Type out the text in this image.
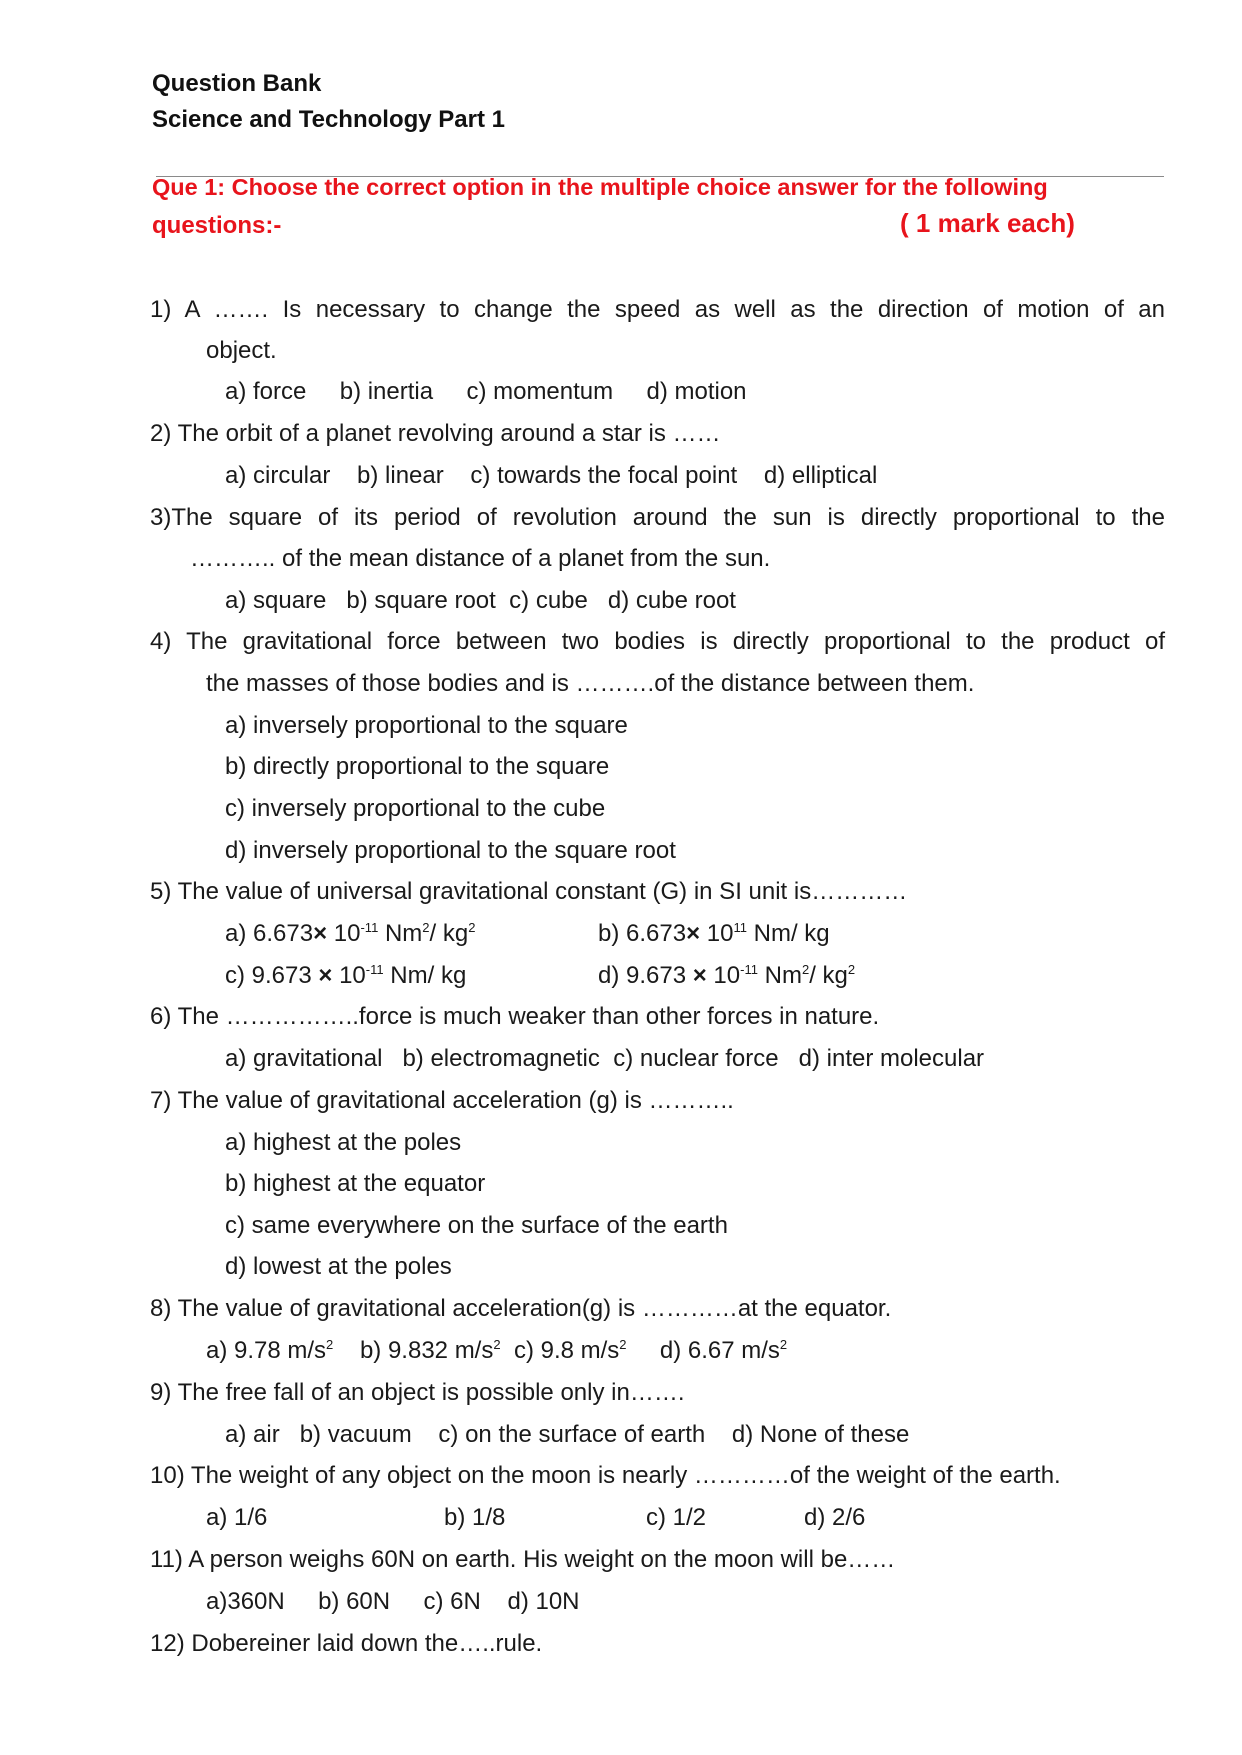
Question Bank
Science and Technology Part 1
Que 1: Choose the correct option in the multiple choice answer for the following
questions:-	( 1 mark each)
1) A ……. Is necessary to change the speed as well as the direction of motion of an
object.
a) force b) inertia c) momentum d) motion
2) The orbit of a planet revolving around a star is ……
a) circular b) linear c) towards the focal point d) elliptical
3)The square of its period of revolution around the sun is directly proportional to the
……….. of the mean distance of a planet from the sun.
a) square b) square root c) cube d) cube root
4) The gravitational force between two bodies is directly proportional to the product of
the masses of those bodies and is ……….of the distance between them.
a) inversely proportional to the square
b) directly proportional to the square
c) inversely proportional to the cube
d) inversely proportional to the square root
5) The value of universal gravitational constant (G) in SI unit is…………
a) $6.673\times 10^{-11}$ Nm$^2$/ $kg^2$	b) $6.673\times 10^{11}$ Nm/ kg
c) $9.673 \times 10^{-11}$ Nm/ kg	d) $9.673 \times 10^{-11}$ Nm$^2$/ $kg^2$
6) The ……………..force is much weaker than other forces in nature.
a) gravitational b) electromagnetic c) nuclear force d) inter molecular
7) The value of gravitational acceleration (g) is ………..
a) highest at the poles
b) highest at the equator
c) same everywhere on the surface of the earth
d) lowest at the poles
8) The value of gravitational acceleration(g) is …………at the equator.
a) 9.78 $m/s^2$ b) 9.832 $m/s^2$ c) 9.8 $m/s^2$ d) 6.67 $m/s^2$
9) The free fall of an object is possible only in…….
a) air b) vacuum c) on the surface of earth d) None of these
10) The weight of any object on the moon is nearly …………of the weight of the earth.
a) 1/6	b) 1/8	c) 1/2	d) 2/6
11) A person weighs 60N on earth. His weight on the moon will be……
a)360N b) 60N c) 6N d) 10N
12) Dobereiner laid down the…..rule.
